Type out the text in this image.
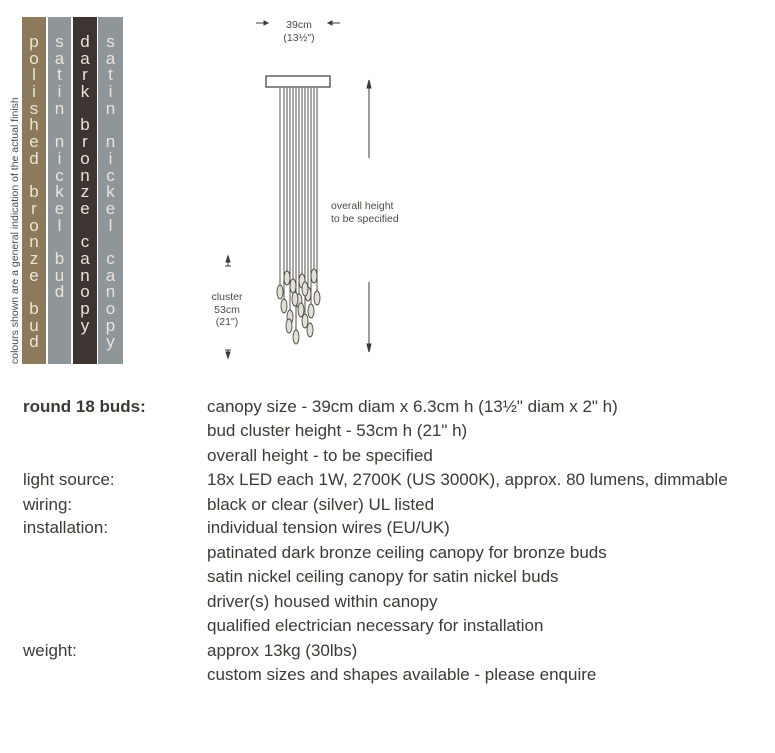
colours shown are a general indication of the actual finish
p
o
l
i
s
h
e
d

b
r
o
n
z
e

b
u
d
s
a
t
i
n

n
i
c
k
e
l

b
u
d
d
a
r
k

b
r
o
n
z
e

c
a
n
o
p
y
s
a
t
i
n

n
i
c
k
e
l

c
a
n
o
p
y
39cm
(13½")
overall height
to be specified
cluster
53cm
(21")
round 18 buds:	canopy size - 39cm diam x 6.3cm h (13½" diam x 2" h)
bud cluster height - 53cm h (21" h)
overall height - to be specified
light source:	18x LED each 1W, 2700K (US 3000K), approx. 80 lumens, dimmable
wiring:	black or clear (silver) UL listed
installation:	individual tension wires (EU/UK)
patinated dark bronze ceiling canopy for bronze buds
satin nickel ceiling canopy for satin nickel buds
driver(s) housed within canopy
qualified electrician necessary for installation
weight:	approx 13kg (30lbs)
custom sizes and shapes available - please enquire
